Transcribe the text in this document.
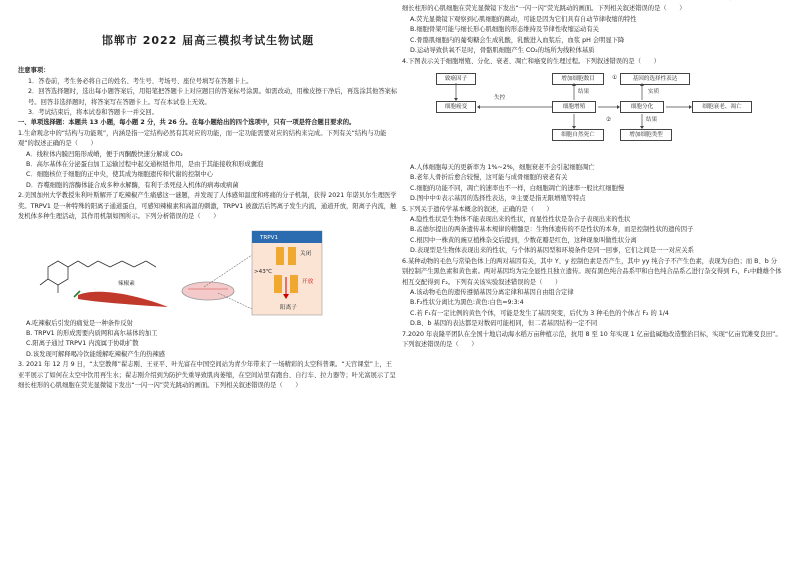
邯郸市 2022 届高三模拟考试生物试题

注意事项：

1．答卷前，考生务必将自己的姓名、考生号、考场号、座位号填写在答题卡上。

2．回答选择题时，选出每小题答案后，用铅笔把答题卡上对应题目的答案标号涂黑。如需改动，用橡皮擦干净后，再选涂其他答案标号。回答非选择题时，将答案写在答题卡上。写在本试卷上无效。

3．考试结束后，将本试卷和答题卡一并交回。

一、单项选择题：本题共 13 小题，每小题 2 分，共 26 分。在每小题给出的四个选项中，只有一项是符合题目要求的。

1.生命观念中的“结构与功能观”，内涵是指一定结构必然有其对应的功能，而一定功能需要对应的结构来完成。下列有关“结构与功能观”的叙述正确的是（　　）

A．线粒体内膜凹陷形成嵴，便于丙酮酸快速分解成 CO₂

B．高尔基体在分泌蛋白加工运输过程中起交通枢纽作用，是由于其能接收和形成囊泡

C．细胞核位于细胞的正中央，使其成为细胞遗传和代谢的控制中心

D．吞噬细胞的溶酶体能合成多种水解酶，有利于杀死侵入机体的病毒或病菌

2.美国加州大学教授朱利叶斯解开了吃辣椒产生痛感这一谜题，并发现了人体感知温度和疼痛的分子机制，获得 2021 年诺贝尔生理医学奖。TRPV1 是一种特殊的阳离子通道蛋白，可感知辣椒素和高温的刺激，TRPV1 被激活后钙离子发生内流，通道开放，阳离子内流，触发机体多种生理活动，其作用机制如图所示。下列分析错误的是（　　）

辣椒素
TRPV1
关闭
>43℃
开放
阳离子

A.吃辣椒后引发的痛觉是一种条件反射

B. TRPV1 的形成需要内质网和高尔基体的加工

C.阳离子通过 TRPV1 内流属于协助扩散

D.该发现可解释喝冷饮能缓解吃辣椒产生的热辣感

3. 2021 年 12 月 9 日，“太空教师”翟志刚、王亚平、叶光富在中国空间站为青少年带来了一场精彩的太空科普课。“天宫课堂”上，王亚平展示了如何在太空中饮用再生水；翟志刚介绍到为防护失重导致肌肉萎缩，在空间站里有跑台、自行车、拉力器等；叶光富展示了呈细长柱形的心肌细胞在荧光显微镜下发出“一闪一闪”荧光跳动的画面。下列相关叙述错误的是（　　）

细长柱形的心肌细胞在荧光显微镜下发出“一闪一闪”荧光跳动的画面。下列相关叙述错误的是（　　）

A.荧光显微镜下观察到心肌细胞的跳动，可能是因为它们具有自动节律收缩的特性

B.细胞骨架可能与细长形心肌细胞的形态维持及节律性收缩运动有关

C.骨骼肌细胞内的葡萄糖会生成乳酸，乳酸进入血浆后，血浆 pH 会明显下降

D.运动导致供氧不足时，骨骼肌细胞产生 CO₂的场所为线粒体基质

4.下图表示关于细胞增殖、分化、衰老、凋亡和癌变的生理过程。下列叙述错误的是（　　）

致癌因子	增加细胞数目	①	基因的选择性表达
细胞癌变
失控
细胞增殖
结果
细胞分化
实质
细胞衰老、凋亡
结果
②
增加细胞类型
细胞自然死亡

A.人体细胞每天的更新率为 1%~2%，细胞衰老不会引起细胞凋亡

B.老年人骨折后愈合较慢，这可能与成骨细胞的衰老有关

C.细胞的功能不同，凋亡的速率也不一样，白细胞凋亡的速率一般比红细胞慢

D.图中中①表示基因的选择性表达，②主要是指无限增殖等特点

5.下列关于遗传学基本概念的叙述，正确的是（　　）

A.隐性性状是生物体不能表现出来的性状，而显性性状是杂合子表现出来的性状

B.孟德尔提出的两条遗传基本规律的精髓是：生物体遗传的不是性状的本身，而是控制性状的遗传因子

C.根因中一株黄的豌豆植株杂交后提到，少数花瓣是红色，这种现象叫做性状分离

D.表现型是生物体表现出来的性状，与个体的基因型和环境条件是同一回事，它们之间是一一对应关系

6.某种动物的毛色与常染色体上的两对基因有关，其中 Y、y 控制色素是否产生，其中 yy 纯合子不产生色素，表现为白色；而 B、b 分别控制产生黑色素和黄色素。两对基因均为完全显性且独立遗传。现有黑色纯合品系甲和白色纯合品系乙进行杂交得到 F₁，F₁中雌雄个体相互交配得到 F₂。下列有关该实验叙述错误的是（　　）

A.该动物毛色的遗传遵循基因分离定律和基因自由组合定律

B.F₂性状分离比为黑色:黄色:白色=9:3:4

C.若 F₁有一定比例的黄色个体，可能是发生了基因突变，后代为 3 种毛色的个体占 F₂ 的 1/4

D.B、b 基因的表达都是对数码可能相同，但二者基因结构一定不同

7.2020 年袁隆平团队在全国十地启动海水稻万亩种植示范，抗用 8 至 10 年实现 1 亿亩盐碱地改造整治目标，实现“亿亩荒滩变良田”。下列叙述错误的是（　　）
